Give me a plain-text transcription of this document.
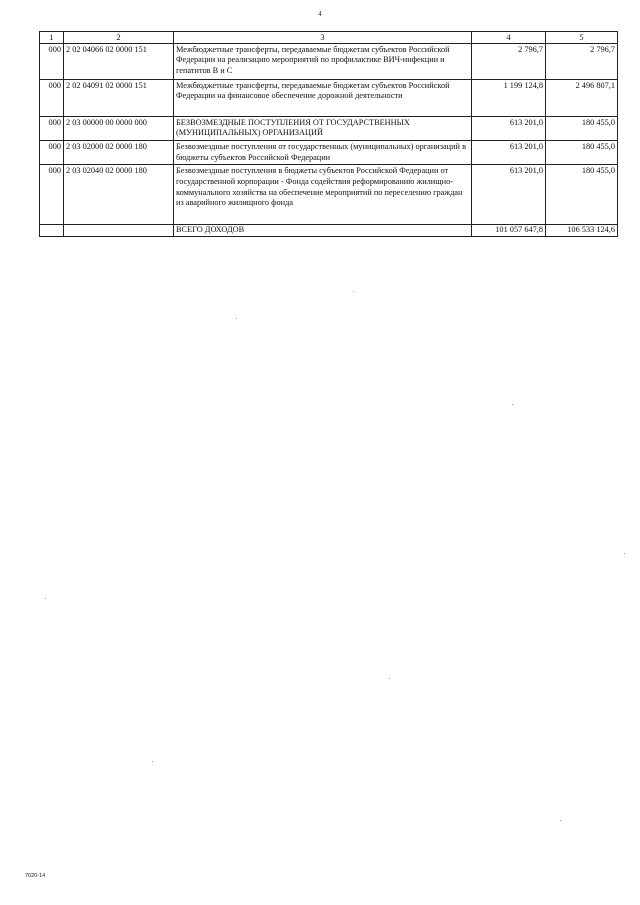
4
1	2	3	4	5
000	2 02 04066 02 0000 151	Межбюджетные трансферты, передаваемые бюджетам субъектов Российской Федерации на реализацию мероприятий по профилактике ВИЧ-инфекции и гепатитов B и C	2 796,7	2 796,7
000	2 02 04091 02 0000 151	Межбюджетные трансферты, передаваемые бюджетам субъектов Российской Федерации на финансовое обеспечение дорожной деятельности	1 199 124,8	2 496 807,1
000	2 03 00000 00 0000 000	БЕЗВОЗМЕЗДНЫЕ ПОСТУПЛЕНИЯ ОТ ГОСУДАРСТВЕННЫХ (МУНИЦИПАЛЬНЫХ) ОРГАНИЗАЦИЙ	613 201,0	180 455,0
000	2 03 02000 02 0000 180	Безвозмездные поступления от государственных (муниципальных) организаций в бюджеты субъектов Российской Федерации	613 201,0	180 455,0
000	2 03 02040 02 0000 180	Безвозмездные поступления в бюджеты субъектов Российской Федерации от государственной корпорации - Фонда содействия реформированию жилищно-коммунального хозяйства на обеспечение мероприятий по переселению граждан из аварийного жилищного фонда	613 201,0	180 455,0
		ВСЕГО ДОХОДОВ	101 057 647,8	106 533 124,6
7020-14
